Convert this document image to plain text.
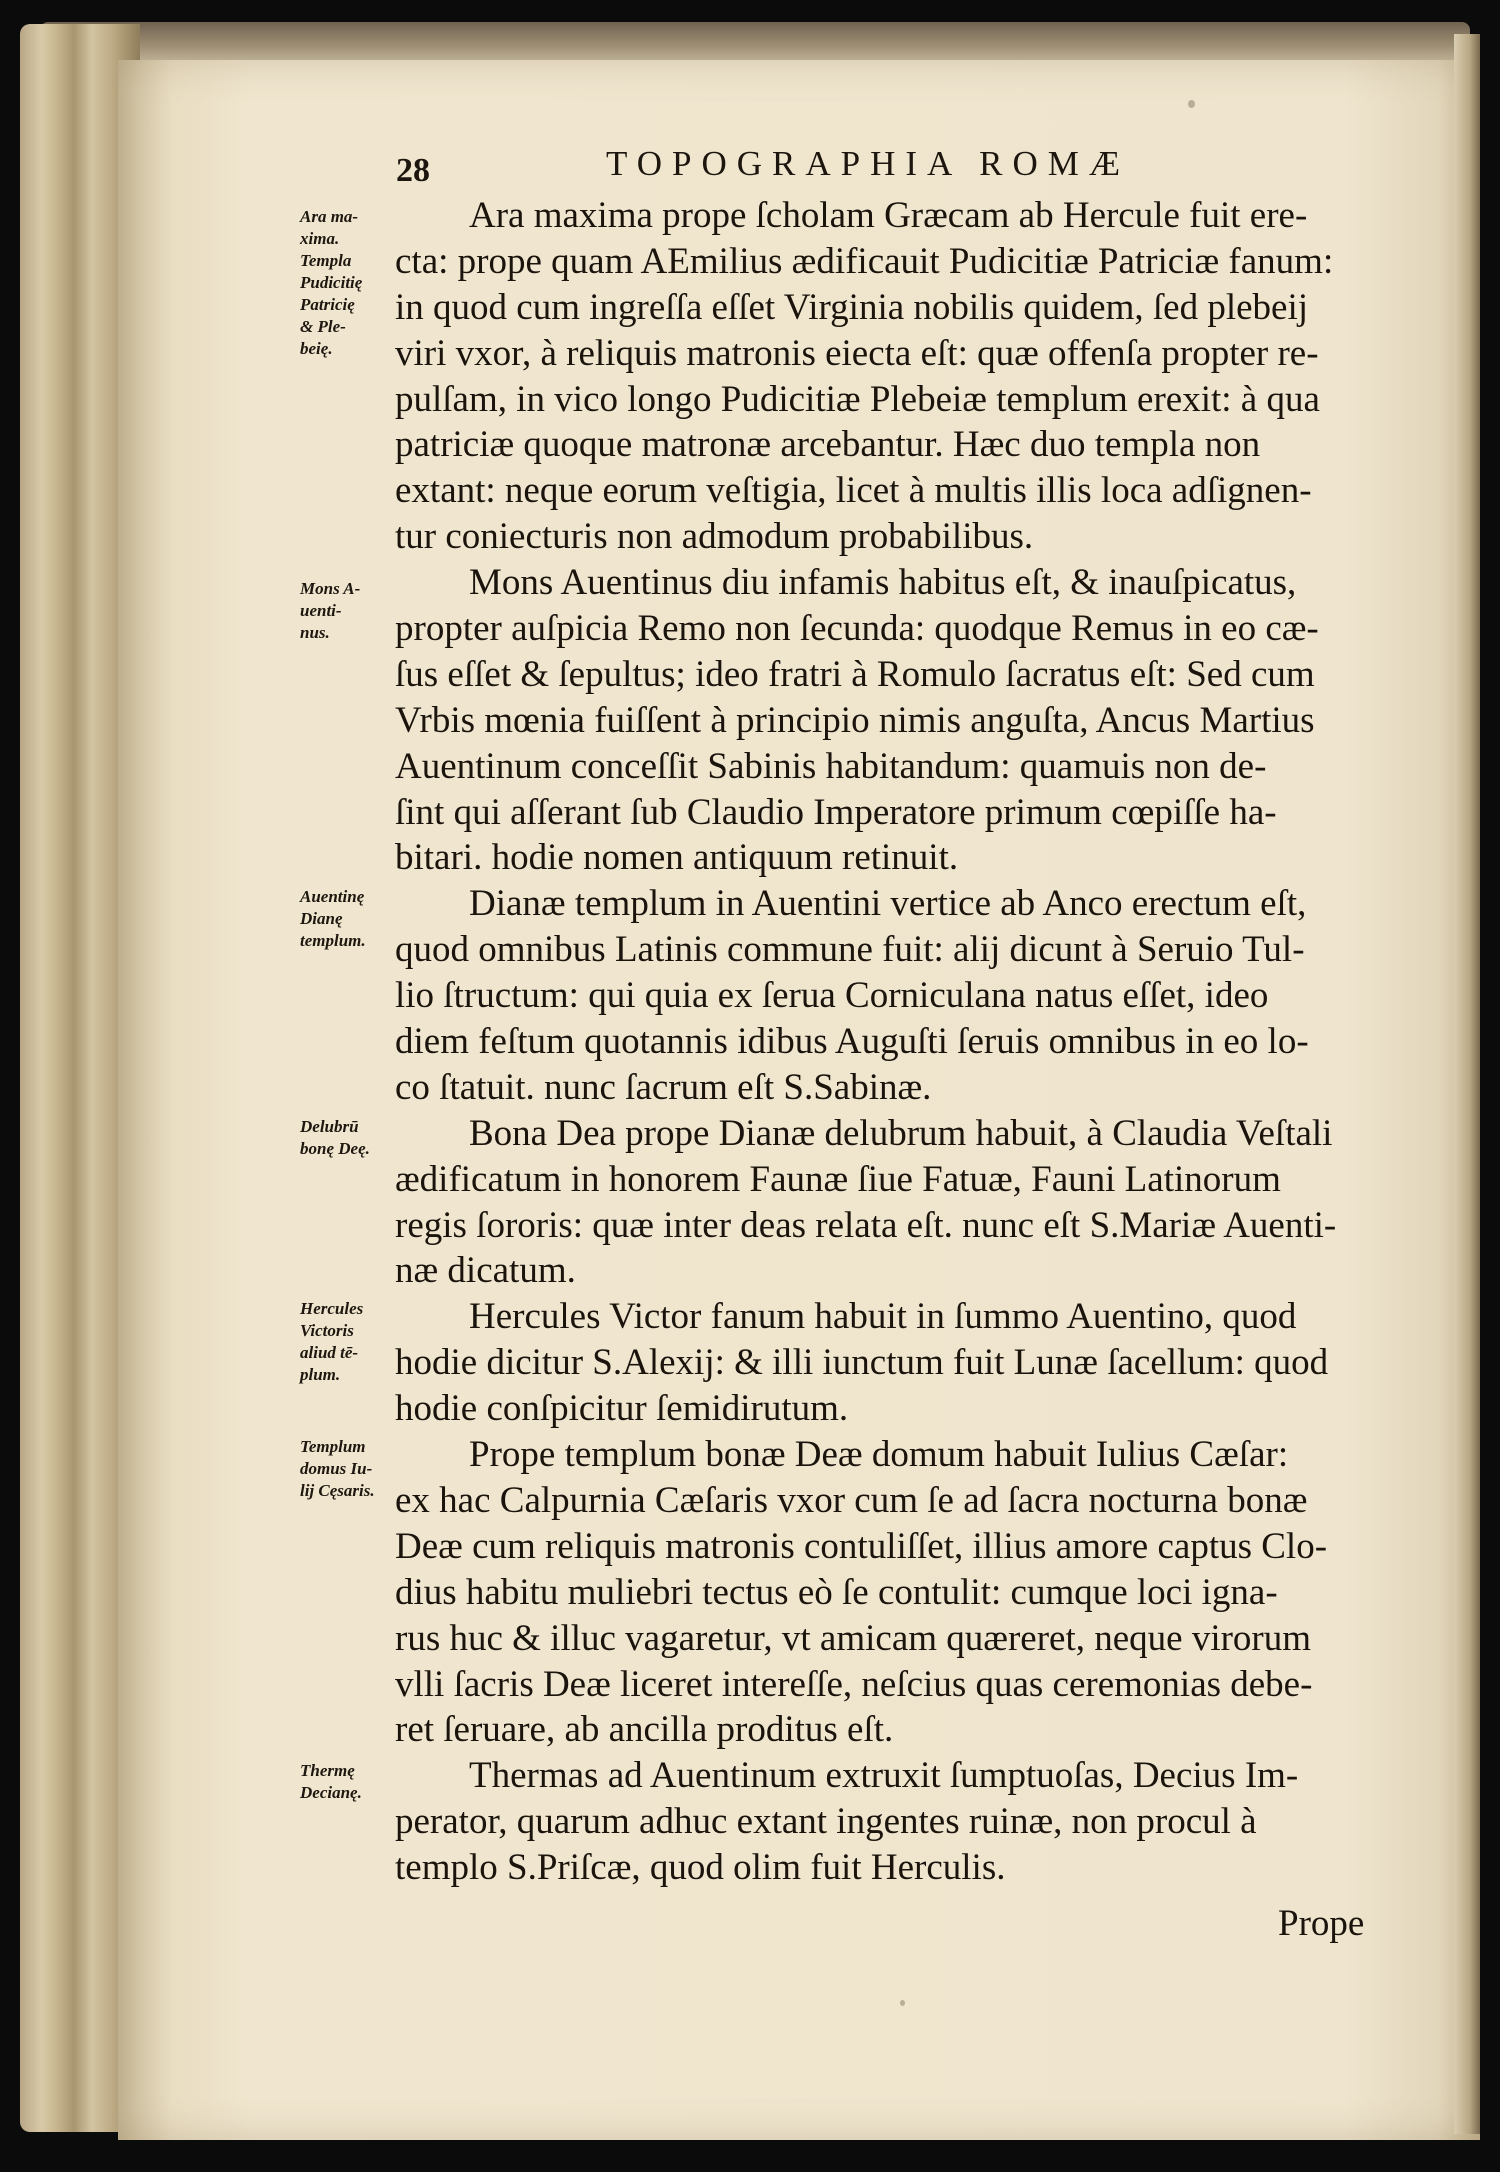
28	TOPOGRAPHIA ROMÆ
Ara ma-
xima.
Templa
Pudicitię
Patricię
& Ple-
beię.
Mons A-
uenti-
nus.
Auentinę
Dianę
templum.
Delubrū
bonę Deę.
Hercules
Victoris
aliud tē-
plum.
Templum
domus Iu-
lij Cęsaris.
Thermę
Decianę.
Ara maxima prope ſcholam Græcam ab Hercule fuit ere-
cta: prope quam AEmilius ædificauit Pudicitiæ Patriciæ fanum:
in quod cum ingreſſa eſſet Virginia nobilis quidem, ſed plebeij
viri vxor, à reliquis matronis eiecta eſt: quæ offenſa propter re-
pulſam, in vico longo Pudicitiæ Plebeiæ templum erexit: à qua
patriciæ quoque matronæ arcebantur. Hæc duo templa non
extant: neque eorum veſtigia, licet à multis illis loca adſignen-
tur coniecturis non admodum probabilibus.
Mons Auentinus diu infamis habitus eſt, & inauſpicatus,
propter auſpicia Remo non ſecunda: quodque Remus in eo cæ-
ſus eſſet & ſepultus; ideo fratri à Romulo ſacratus eſt: Sed cum
Vrbis mœnia fuiſſent à principio nimis anguſta, Ancus Martius
Auentinum conceſſit Sabinis habitandum: quamuis non de-
ſint qui aſſerant ſub Claudio Imperatore primum cœpiſſe ha-
bitari. hodie nomen antiquum retinuit.
Dianæ templum in Auentini vertice ab Anco erectum eſt,
quod omnibus Latinis commune fuit: alij dicunt à Seruio Tul-
lio ſtructum: qui quia ex ſerua Corniculana natus eſſet, ideo
diem feſtum quotannis idibus Auguſti ſeruis omnibus in eo lo-
co ſtatuit. nunc ſacrum eſt S.Sabinæ.
Bona Dea prope Dianæ delubrum habuit, à Claudia Veſtali
ædificatum in honorem Faunæ ſiue Fatuæ, Fauni Latinorum
regis ſororis: quæ inter deas relata eſt. nunc eſt S.Mariæ Auenti-
næ dicatum.
Hercules Victor fanum habuit in ſummo Auentino, quod
hodie dicitur S.Alexij: & illi iunctum fuit Lunæ ſacellum: quod
hodie conſpicitur ſemidirutum.
Prope templum bonæ Deæ domum habuit Iulius Cæſar:
ex hac Calpurnia Cæſaris vxor cum ſe ad ſacra nocturna bonæ
Deæ cum reliquis matronis contuliſſet, illius amore captus Clo-
dius habitu muliebri tectus eò ſe contulit: cumque loci igna-
rus huc & illuc vagaretur, vt amicam quæreret, neque virorum
vlli ſacris Deæ liceret intereſſe, neſcius quas ceremonias debe-
ret ſeruare, ab ancilla proditus eſt.
Thermas ad Auentinum extruxit ſumptuoſas, Decius Im-
perator, quarum adhuc extant ingentes ruinæ, non procul à
templo S.Priſcæ, quod olim fuit Herculis.
Prope
